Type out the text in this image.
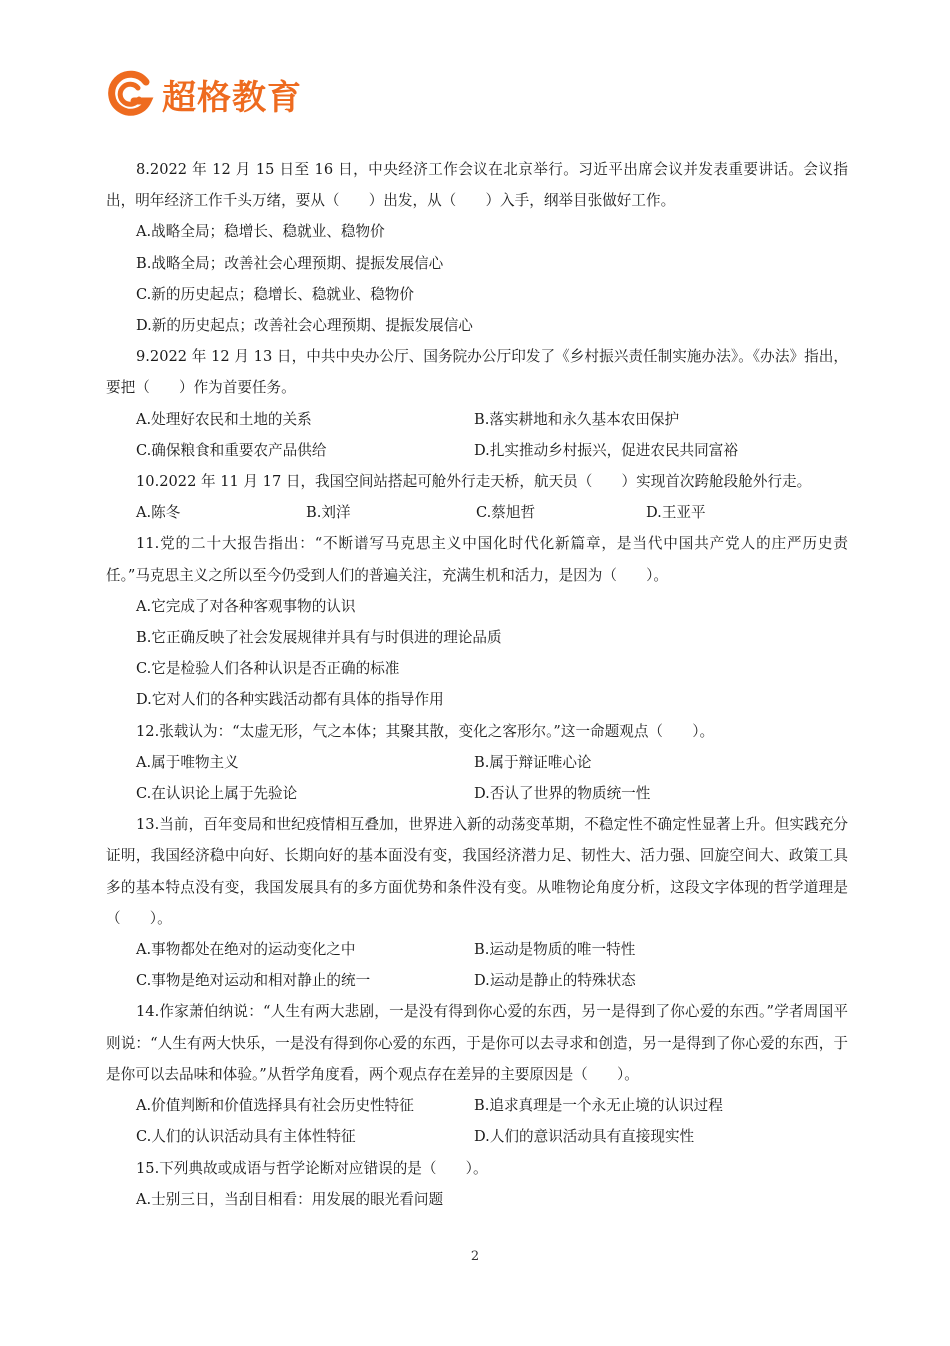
G
超格教育

8.2022 年 12 月 15 日至 16 日，中央经济工作会议在北京举行。习近平出席会议并发表重要讲话。会议指出，明年经济工作千头万绪，要从（　　）出发，从（　　）入手，纲举目张做好工作。

A.战略全局；稳增长、稳就业、稳物价

B.战略全局；改善社会心理预期、提振发展信心

C.新的历史起点；稳增长、稳就业、稳物价

D.新的历史起点；改善社会心理预期、提振发展信心

9.2022 年 12 月 13 日，中共中央办公厅、国务院办公厅印发了《乡村振兴责任制实施办法》。《办法》指出，要把（　　）作为首要任务。

A.处理好农民和土地的关系	B.落实耕地和永久基本农田保护
C.确保粮食和重要农产品供给	D.扎实推动乡村振兴，促进农民共同富裕

10.2022 年 11 月 17 日，我国空间站搭起可舱外行走天桥，航天员（　　）实现首次跨舱段舱外行走。

A.陈冬	B.刘洋	C.蔡旭哲	D.王亚平

11.党的二十大报告指出：“不断谱写马克思主义中国化时代化新篇章，是当代中国共产党人的庄严历史责任。”马克思主义之所以至今仍受到人们的普遍关注，充满生机和活力，是因为（　　）。

A.它完成了对各种客观事物的认识

B.它正确反映了社会发展规律并具有与时俱进的理论品质

C.它是检验人们各种认识是否正确的标准

D.它对人们的各种实践活动都有具体的指导作用

12.张载认为：“太虚无形，气之本体；其聚其散，变化之客形尔。”这一命题观点（　　）。

A.属于唯物主义	B.属于辩证唯心论
C.在认识论上属于先验论	D.否认了世界的物质统一性

13.当前，百年变局和世纪疫情相互叠加，世界进入新的动荡变革期，不稳定性不确定性显著上升。但实践充分证明，我国经济稳中向好、长期向好的基本面没有变，我国经济潜力足、韧性大、活力强、回旋空间大、政策工具多的基本特点没有变，我国发展具有的多方面优势和条件没有变。从唯物论角度分析，这段文字体现的哲学道理是（　　）。

A.事物都处在绝对的运动变化之中	B.运动是物质的唯一特性
C.事物是绝对运动和相对静止的统一	D.运动是静止的特殊状态

14.作家萧伯纳说：“人生有两大悲剧，一是没有得到你心爱的东西，另一是得到了你心爱的东西。”学者周国平则说：“人生有两大快乐，一是没有得到你心爱的东西，于是你可以去寻求和创造，另一是得到了你心爱的东西，于是你可以去品味和体验。”从哲学角度看，两个观点存在差异的主要原因是（　　）。

A.价值判断和价值选择具有社会历史性特征	B.追求真理是一个永无止境的认识过程
C.人们的认识活动具有主体性特征	D.人们的意识活动具有直接现实性

15.下列典故或成语与哲学论断对应错误的是（　　）。

A.士别三日，当刮目相看：用发展的眼光看问题

2
